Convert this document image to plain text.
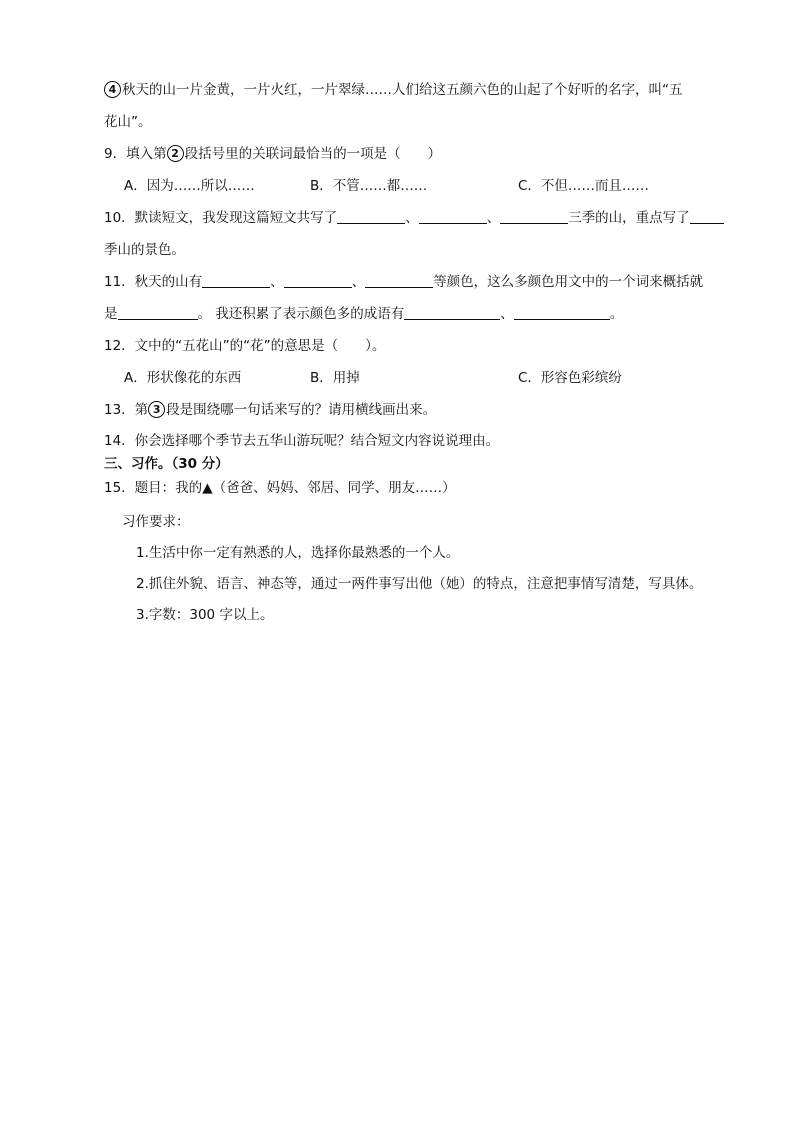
4 秋天的山一片金黄，一片火红，一片翠绿……人们给这五颜六色的山起了个好听的名字，叫“五
花山”。
9．填入第 2 段括号里的关联词最恰当的一项是（　　）
A．因为……所以……	B．不管……都……	C．不但……而且……
10．默读短文，我发现这篇短文共写了	、	、	三季的山，重点写了
季山的景色。
11．秋天的山有	、	、	等颜色，这么多颜色用文中的一个词来概括就
是	。 我还积累了表示颜色多的成语有	、	。
12．文中的“五花山”的“花”的意思是（　　）。
A．形状像花的东西	B．用掉	C．形容色彩缤纷
13．第 3 段是围绕哪一句话来写的？请用横线画出来。
14．你会选择哪个季节去五华山游玩呢？结合短文内容说说理由。
三、习作。（30 分）
15．题目：我的▲（爸爸、妈妈、邻居、同学、朋友……）
习作要求：
1.生活中你一定有熟悉的人，选择你最熟悉的一个人。
2.抓住外貌、语言、神态等，通过一两件事写出他（她）的特点，注意把事情写清楚，写具体。
3.字数：300 字以上。
